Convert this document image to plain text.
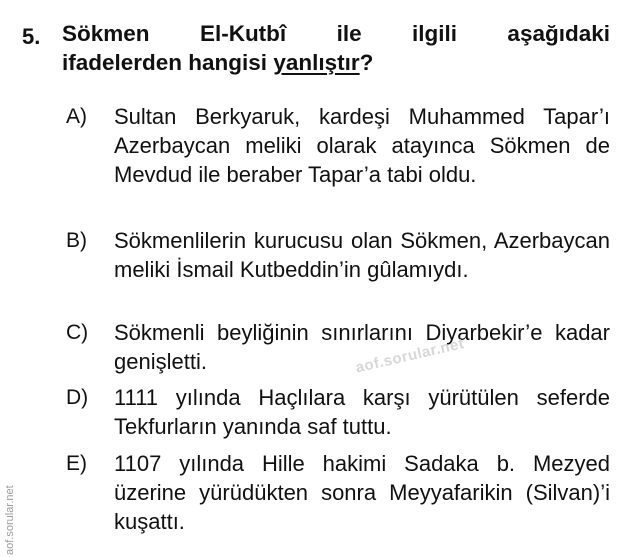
5. Sökmen El-Kutbî ile ilgili aşağıdaki
ifadelerden hangisi yanlıştır?
A) Sultan Berkyaruk, kardeşi Muhammed Tapar’ı Azerbaycan meliki olarak atayınca Sökmen de Mevdud ile beraber Tapar’a tabi oldu.
B) Sökmenlilerin kurucusu olan Sökmen, Azerbaycan meliki İsmail Kutbeddin’in gûlamıydı.
C) Sökmenli beyliğinin sınırlarını Diyarbekir’e kadar genişletti.
D) 1111 yılında Haçlılara karşı yürütülen seferde Tekfurların yanında saf tuttu.
E) 1107 yılında Hille hakimi Sadaka b. Mezyed üzerine yürüdükten sonra Meyyafarikin (Silvan)’i kuşattı.
aof.sorular.net
aof.sorular.net
